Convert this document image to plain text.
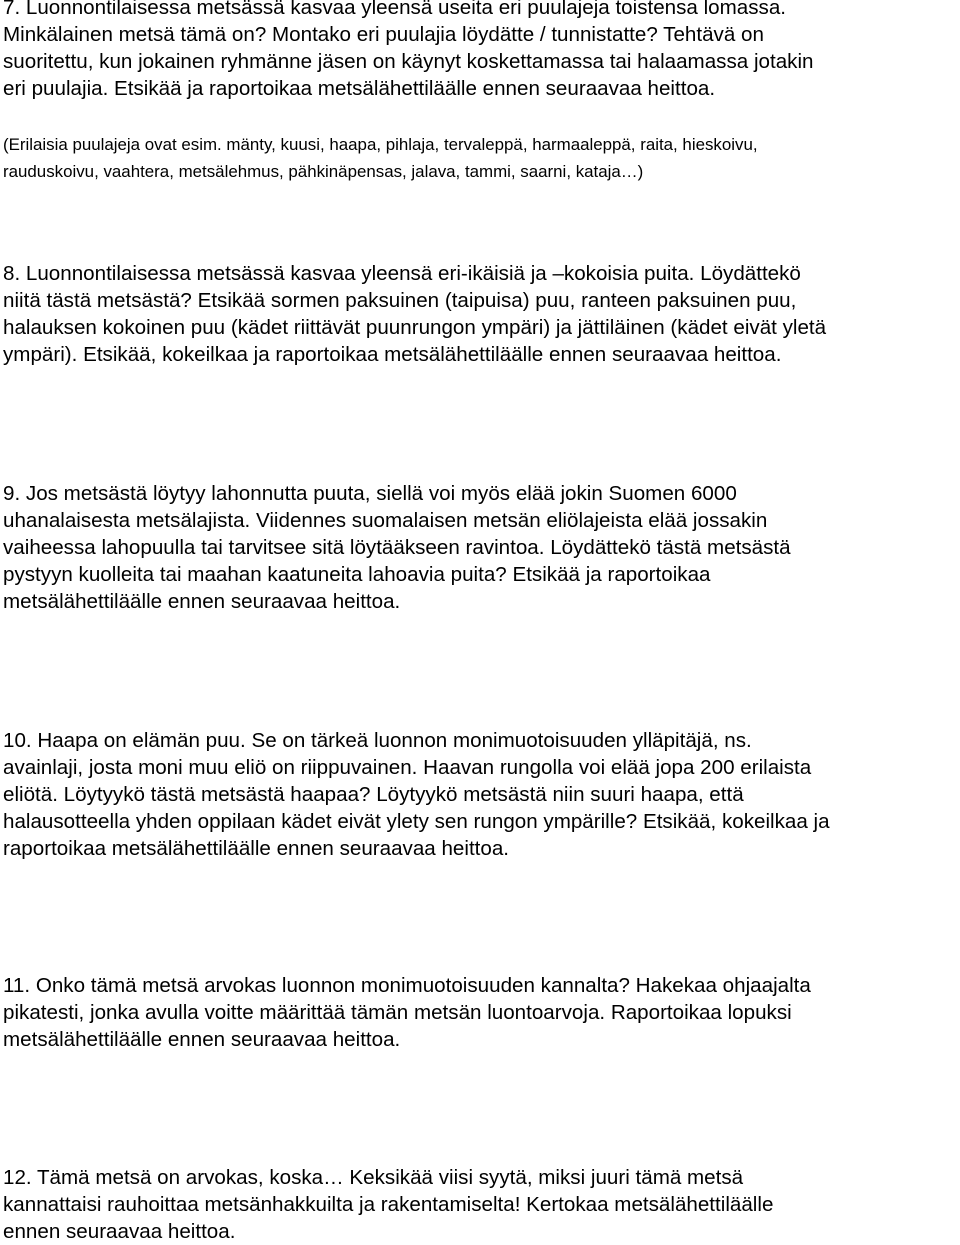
7. Luonnontilaisessa metsässä kasvaa yleensä useita eri puulajeja toistensa lomassa.
Minkälainen metsä tämä on? Montako eri puulajia löydätte / tunnistatte? Tehtävä on
suoritettu, kun jokainen ryhmänne jäsen on käynyt koskettamassa tai halaamassa jotakin
eri puulajia. Etsikää ja raportoikaa metsälähettiläälle ennen seuraavaa heittoa.

(Erilaisia puulajeja ovat esim. mänty, kuusi, haapa, pihlaja, tervaleppä, harmaaleppä, raita, hieskoivu,
rauduskoivu, vaahtera, metsälehmus, pähkinäpensas, jalava, tammi, saarni, kataja…)

8. Luonnontilaisessa metsässä kasvaa yleensä eri-ikäisiä ja –kokoisia puita. Löydättekö
niitä tästä metsästä? Etsikää sormen paksuinen (taipuisa) puu, ranteen paksuinen puu,
halauksen kokoinen puu (kädet riittävät puunrungon ympäri) ja jättiläinen (kädet eivät yletä
ympäri). Etsikää, kokeilkaa ja raportoikaa metsälähettiläälle ennen seuraavaa heittoa.

9. Jos metsästä löytyy lahonnutta puuta, siellä voi myös elää jokin Suomen 6000
uhanalaisesta metsälajista. Viidennes suomalaisen metsän eliölajeista elää jossakin
vaiheessa lahopuulla tai tarvitsee sitä löytääkseen ravintoa. Löydättekö tästä metsästä
pystyyn kuolleita tai maahan kaatuneita lahoavia puita? Etsikää ja raportoikaa
metsälähettiläälle ennen seuraavaa heittoa.

10. Haapa on elämän puu. Se on tärkeä luonnon monimuotoisuuden ylläpitäjä, ns.
avainlaji, josta moni muu eliö on riippuvainen. Haavan rungolla voi elää jopa 200 erilaista
eliötä. Löytyykö tästä metsästä haapaa? Löytyykö metsästä niin suuri haapa, että
halausotteella yhden oppilaan kädet eivät ylety sen rungon ympärille? Etsikää, kokeilkaa ja
raportoikaa metsälähettiläälle ennen seuraavaa heittoa.

11. Onko tämä metsä arvokas luonnon monimuotoisuuden kannalta? Hakekaa ohjaajalta
pikatesti, jonka avulla voitte määrittää tämän metsän luontoarvoja. Raportoikaa lopuksi
metsälähettiläälle ennen seuraavaa heittoa.

12. Tämä metsä on arvokas, koska… Keksikää viisi syytä, miksi juuri tämä metsä
kannattaisi rauhoittaa metsänhakkuilta ja rakentamiselta! Kertokaa metsälähettiläälle
ennen seuraavaa heittoa.
